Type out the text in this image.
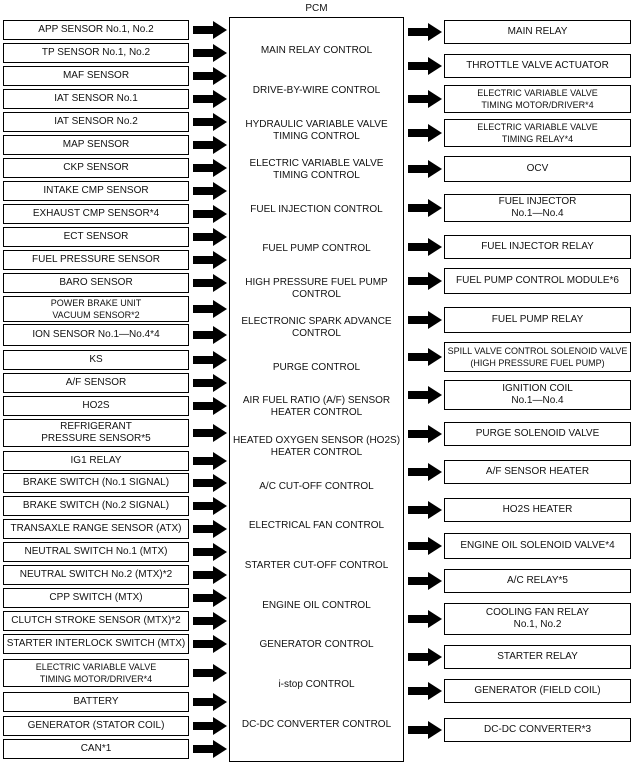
PCM
APP SENSOR No.1, No.2
TP SENSOR No.1, No.2
MAF SENSOR
IAT SENSOR No.1
IAT SENSOR No.2
MAP SENSOR
CKP SENSOR
INTAKE CMP SENSOR
EXHAUST CMP SENSOR*4
ECT SENSOR
FUEL PRESSURE SENSOR
BARO SENSOR
POWER BRAKE UNIT
VACUUM SENSOR*2
ION SENSOR No.1—No.4*4
KS
A/F SENSOR
HO2S
REFRIGERANT
PRESSURE SENSOR*5
IG1 RELAY
BRAKE SWITCH (No.1 SIGNAL)
BRAKE SWITCH (No.2 SIGNAL)
TRANSAXLE RANGE SENSOR (ATX)
NEUTRAL SWITCH No.1 (MTX)
NEUTRAL SWITCH No.2 (MTX)*2
CPP SWITCH (MTX)
CLUTCH STROKE SENSOR (MTX)*2
STARTER INTERLOCK SWITCH (MTX)
ELECTRIC VARIABLE VALVE
TIMING MOTOR/DRIVER*4
BATTERY
GENERATOR (STATOR COIL)
CAN*1
MAIN RELAY CONTROL
DRIVE-BY-WIRE CONTROL
HYDRAULIC VARIABLE VALVE
TIMING CONTROL
ELECTRIC VARIABLE VALVE
TIMING CONTROL
FUEL INJECTION CONTROL
FUEL PUMP CONTROL
HIGH PRESSURE FUEL PUMP
CONTROL
ELECTRONIC SPARK ADVANCE
CONTROL
PURGE CONTROL
AIR FUEL RATIO (A/F) SENSOR
HEATER CONTROL
HEATED OXYGEN SENSOR (HO2S)
HEATER CONTROL
A/C CUT-OFF CONTROL
ELECTRICAL FAN CONTROL
STARTER CUT-OFF CONTROL
ENGINE OIL CONTROL
GENERATOR CONTROL
i-stop CONTROL
DC-DC CONVERTER CONTROL
MAIN RELAY
THROTTLE VALVE ACTUATOR
ELECTRIC VARIABLE VALVE
TIMING MOTOR/DRIVER*4
ELECTRIC VARIABLE VALVE
TIMING RELAY*4
OCV
FUEL INJECTOR
No.1—No.4
FUEL INJECTOR RELAY
FUEL PUMP CONTROL MODULE*6
FUEL PUMP RELAY
SPILL VALVE CONTROL SOLENOID VALVE
(HIGH PRESSURE FUEL PUMP)
IGNITION COIL
No.1—No.4
PURGE SOLENOID VALVE
A/F SENSOR HEATER
HO2S HEATER
ENGINE OIL SOLENOID VALVE*4
A/C RELAY*5
COOLING FAN RELAY
No.1, No.2
STARTER RELAY
GENERATOR (FIELD COIL)
DC-DC CONVERTER*3
